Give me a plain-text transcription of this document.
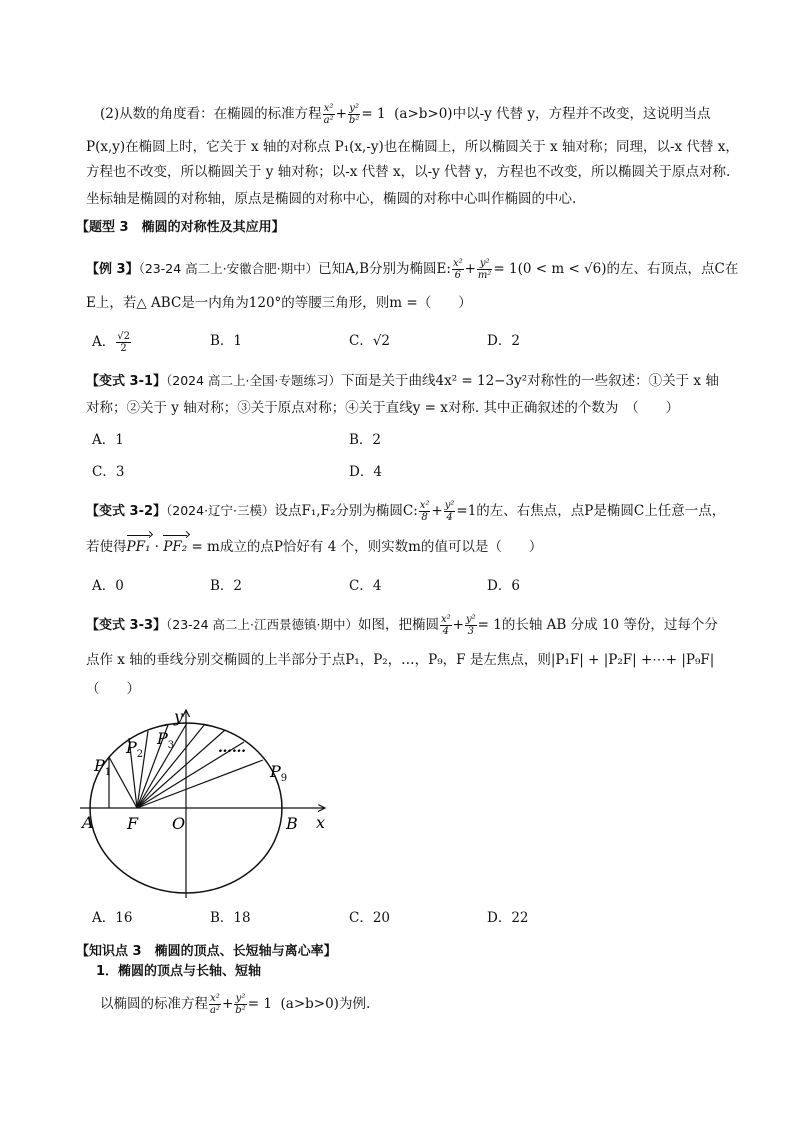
(2)从数的角度看：在椭圆的标准方程 $\frac{\text{x²}}{\text{a²}} + \frac{\text{y²}}{\text{b²}} = 1$ (a>b>0)中以-y 代替 y，方程并不改变，这说明当点
P(x,y)在椭圆上时，它关于 x 轴的对称点 P₁(x,-y)也在椭圆上，所以椭圆关于 x 轴对称；同理，以-x 代替 x，
方程也不改变，所以椭圆关于 y 轴对称；以-x 代替 x，以-y 代替 y，方程也不改变，所以椭圆关于原点对称.
坐标轴是椭圆的对称轴，原点是椭圆的对称中心，椭圆的对称中心叫作椭圆的中心.
【题型 3　椭圆的对称性及其应用】
【例 3】（23-24 高二上·安徽合肥·期中）已知A,B分别为椭圆E: $\frac{\text{x²}}{6} + \frac{\text{y²}}{\text{m²}} = 1(0 < m < √6)$的左、右顶点，点C在
E上，若△ ABC是一内角为120°的等腰三角形，则m =（　　）
A． $\frac{√2}{2}$	B．1	C．√2	D．2
【变式 3-1】（2024 高二上·全国·专题练习）下面是关于曲线4x² = 12−3y²对称性的一些叙述：①关于 x 轴
对称；②关于 y 轴对称；③关于原点对称；④关于直线y = x对称. 其中正确叙述的个数为　（　　）
A．1	B．2
C．3	D．4
【变式 3-2】（2024·辽宁·三模）设点F₁,F₂分别为椭圆C: $\frac{\text{x²}}{8} + \frac{\text{y²}}{4} =1$的左、右焦点，点P是椭圆C上任意一点，
若使得PF₁ · PF₂ = m成立的点P恰好有 4 个，则实数m的值可以是（　　）
A．0	B．2	C．4	D．6
【变式 3-3】（23-24 高二上·江西景德镇·期中）如图，把椭圆 $\frac{\text{x²}}{4} + \frac{\text{y²}}{3} = 1$的长轴 AB 分成 10 等份，过每个分
点作 x 轴的垂线分别交椭圆的上半部分于点P₁，P₂，…，P₉，F 是左焦点，则|P₁F| + |P₂F| +⋯+ |P₉F|
（　　）
y
x
A F O	B
$P_1$
$P_2$
$P_3$
$P_9$
……
A．16	B．18	C．20	D．22
【知识点 3　椭圆的顶点、长短轴与离心率】
1．椭圆的顶点与长轴、短轴
以椭圆的标准方程 $\frac{\text{x²}}{\text{a²}} + \frac{\text{y²}}{\text{b²}} = 1$ (a>b>0)为例.
